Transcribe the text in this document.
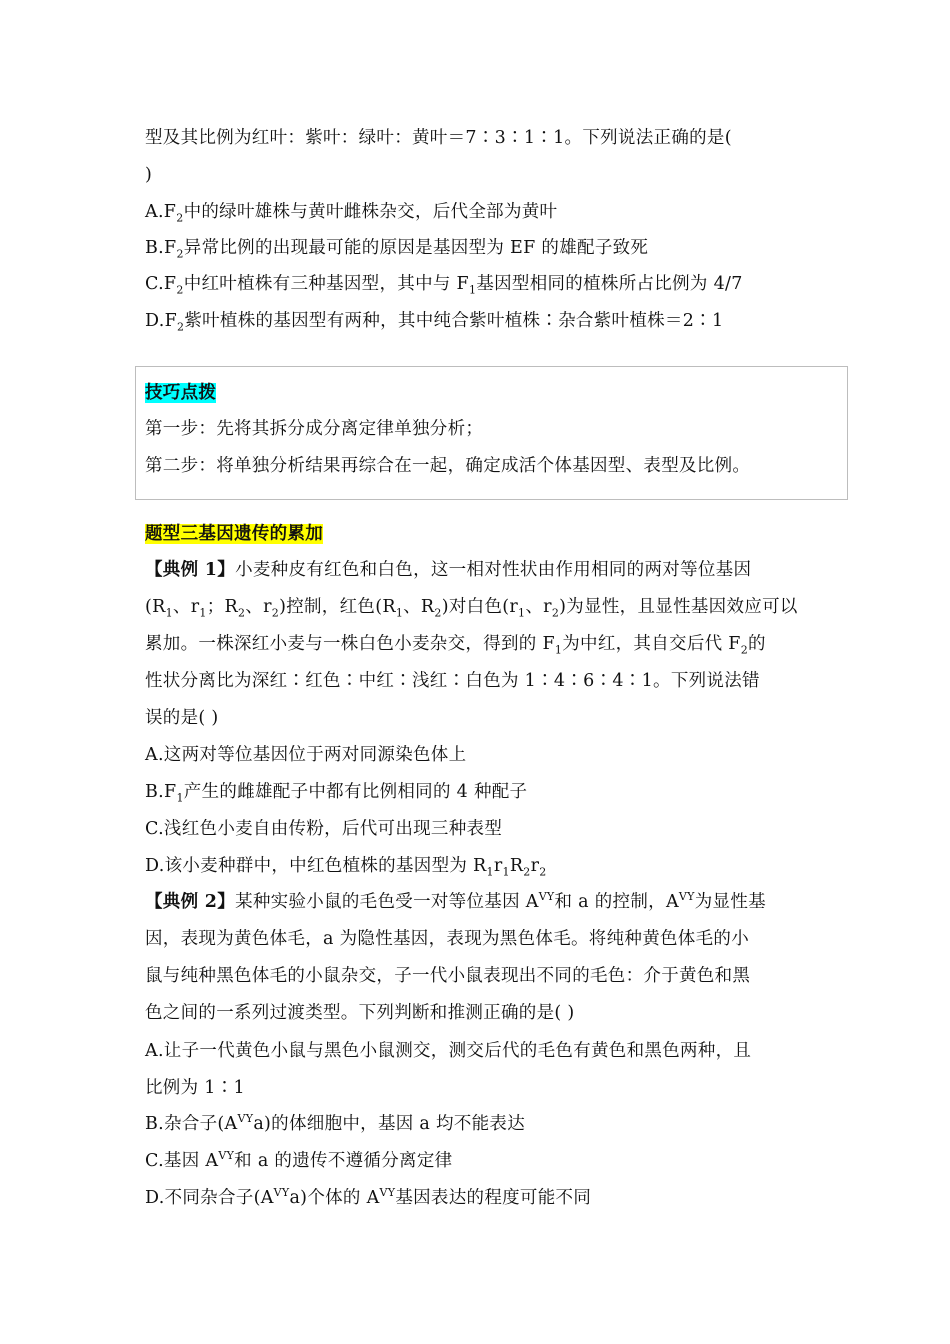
型及其比例为红叶：紫叶：绿叶：黄叶＝7∶3∶1∶1。下列说法正确的是(
)
$A.F_2$中的绿叶雄株与黄叶雌株杂交，后代全部为黄叶
$B.F_2$异常比例的出现最可能的原因是基因型为 EF 的雄配子致死
$C.F_2$中红叶植株有三种基因型，其中与 $F_1$基因型相同的植株所占比例为 4/7
$D.F_2$紫叶植株的基因型有两种，其中纯合紫叶植株∶杂合紫叶植株＝2∶1
技巧点拨
第一步：先将其拆分成分离定律单独分析；
第二步：将单独分析结果再综合在一起，确定成活个体基因型、表型及比例。
题型三基因遗传的累加
【典例 1】小麦种皮有红色和白色，这一相对性状由作用相同的两对等位基因
($R_1$、$r_1$；$R_2$、$r_2$)控制，红色($R_1$、$R_2$)对白色($r_1$、$r_2$)为显性，且显性基因效应可以
累加。一株深红小麦与一株白色小麦杂交，得到的 $F_1$为中红，其自交后代 $F_2$的
性状分离比为深红∶红色∶中红∶浅红∶白色为 1∶4∶6∶4∶1。下列说法错
误的是( )
A.这两对等位基因位于两对同源染色体上
$B.F_1$产生的雌雄配子中都有比例相同的 4 种配子
C.浅红色小麦自由传粉，后代可出现三种表型
D.该小麦种群中，中红色植株的基因型为 $R_1r_1R_2r_2$
【典例 2】某种实验小鼠的毛色受一对等位基因 $A^{VY}$和 a 的控制，$A^{VY}$为显性基
因，表现为黄色体毛，a 为隐性基因，表现为黑色体毛。将纯种黄色体毛的小
鼠与纯种黑色体毛的小鼠杂交，子一代小鼠表现出不同的毛色：介于黄色和黑
色之间的一系列过渡类型。下列判断和推测正确的是( )
A.让子一代黄色小鼠与黑色小鼠测交，测交后代的毛色有黄色和黑色两种，且
比例为 1∶1
B.杂合子$(A^{VY}a)$的体细胞中，基因 a 均不能表达
C.基因 $A^{VY}$和 a 的遗传不遵循分离定律
D.不同杂合子$(A^{VY}a)$个体的 $A^{VY}$基因表达的程度可能不同
